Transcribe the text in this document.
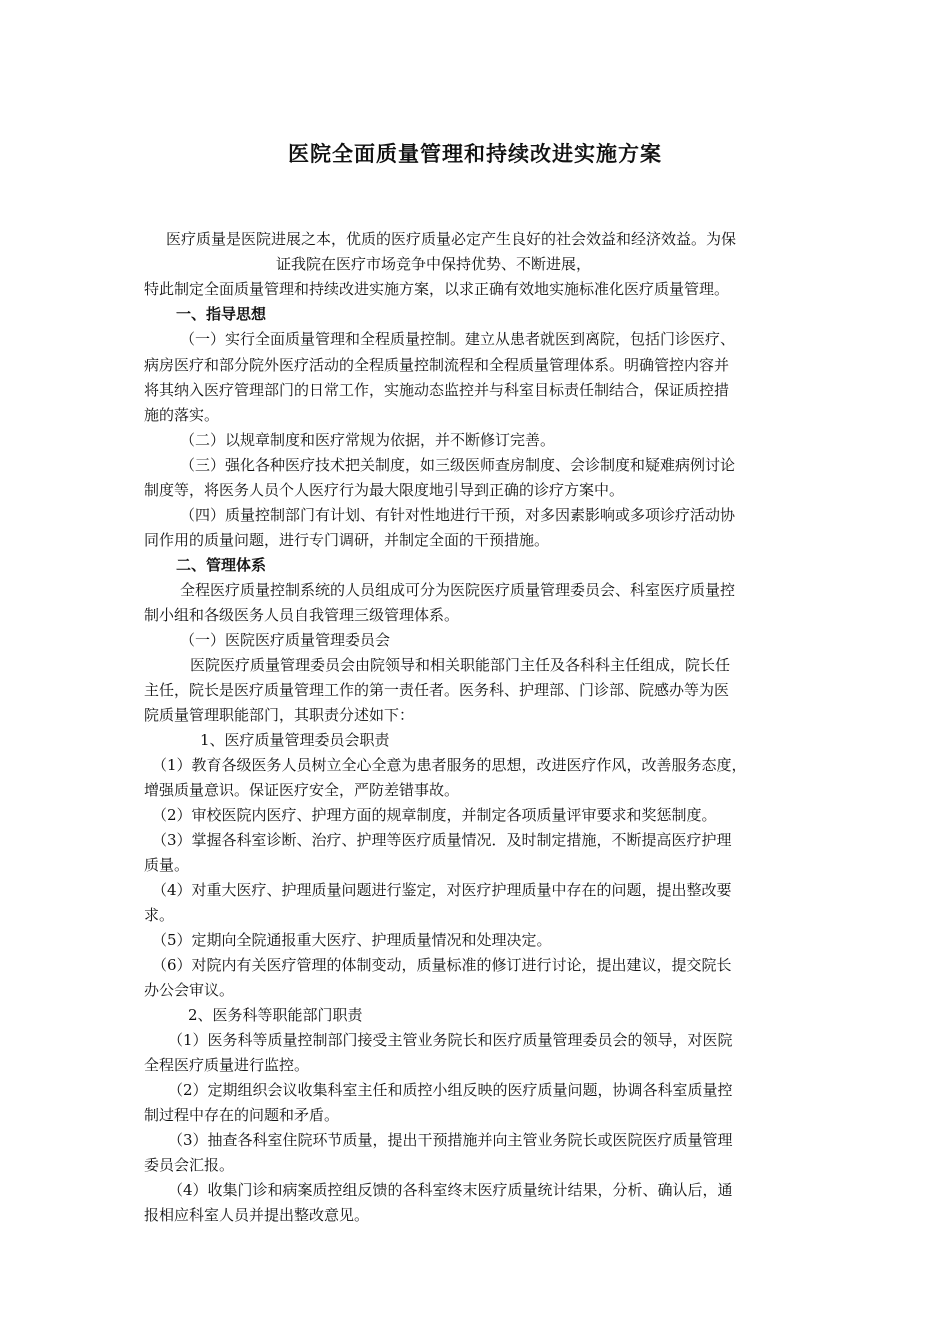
医院全面质量管理和持续改进实施方案
医疗质量是医院进展之本，优质的医疗质量必定产生良好的社会效益和经济效益。为保
证我院在医疗市场竞争中保持优势、不断进展，
特此制定全面质量管理和持续改进实施方案，以求正确有效地实施标准化医疗质量管理。
一、指导思想
（一）实行全面质量管理和全程质量控制。建立从患者就医到离院，包括门诊医疗、
病房医疗和部分院外医疗活动的全程质量控制流程和全程质量管理体系。明确管控内容并
将其纳入医疗管理部门的日常工作，实施动态监控并与科室目标责任制结合，保证质控措
施的落实。
（二）以规章制度和医疗常规为依据，并不断修订完善。
（三）强化各种医疗技术把关制度，如三级医师查房制度、会诊制度和疑难病例讨论
制度等，将医务人员个人医疗行为最大限度地引导到正确的诊疗方案中。
（四）质量控制部门有计划、有针对性地进行干预，对多因素影响或多项诊疗活动协
同作用的质量问题，进行专门调研，并制定全面的干预措施。
二、管理体系
全程医疗质量控制系统的人员组成可分为医院医疗质量管理委员会、科室医疗质量控
制小组和各级医务人员自我管理三级管理体系。
（一）医院医疗质量管理委员会
医院医疗质量管理委员会由院领导和相关职能部门主任及各科科主任组成，院长任
主任，院长是医疗质量管理工作的第一责任者。医务科、护理部、门诊部、院感办等为医
院质量管理职能部门，其职责分述如下：
1、医疗质量管理委员会职责
（1）教育各级医务人员树立全心全意为患者服务的思想，改进医疗作风，改善服务态度，
增强质量意识。保证医疗安全，严防差错事故。
（2）审校医院内医疗、护理方面的规章制度，并制定各项质量评审要求和奖惩制度。
（3）掌握各科室诊断、治疗、护理等医疗质量情况．及时制定措施，不断提高医疗护理
质量。
（4）对重大医疗、护理质量问题进行鉴定，对医疗护理质量中存在的问题，提出整改要
求。
（5）定期向全院通报重大医疗、护理质量情况和处理决定。
（6）对院内有关医疗管理的体制变动，质量标准的修订进行讨论，提出建议，提交院长
办公会审议。
2、医务科等职能部门职责
（1）医务科等质量控制部门接受主管业务院长和医疗质量管理委员会的领导，对医院
全程医疗质量进行监控。
（2）定期组织会议收集科室主任和质控小组反映的医疗质量问题，协调各科室质量控
制过程中存在的问题和矛盾。
（3）抽查各科室住院环节质量，提出干预措施并向主管业务院长或医院医疗质量管理
委员会汇报。
（4）收集门诊和病案质控组反馈的各科室终末医疗质量统计结果，分析、确认后，通
报相应科室人员并提出整改意见。
